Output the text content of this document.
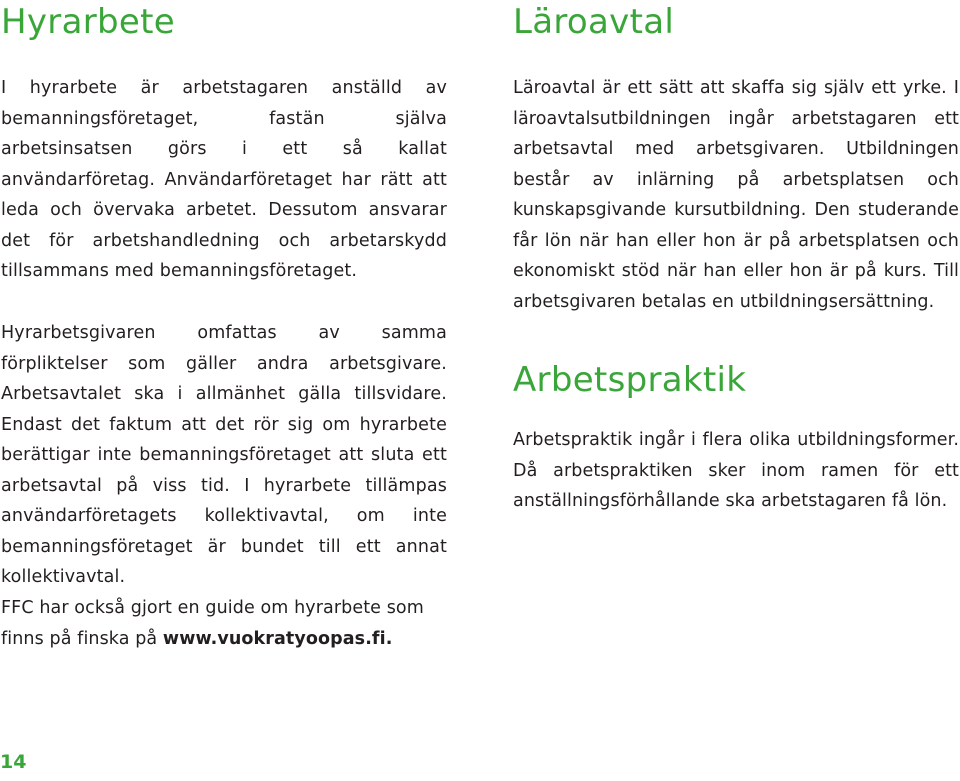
Hyrarbete

I hyrarbete är arbetstagaren anställd av bemanningsföretaget, fastän själva arbetsinsatsen görs i ett så kallat användarföretag. Användarföretaget har rätt att leda och övervaka arbetet. Dessutom ansvarar det för arbetshandledning och arbetarskydd tillsammans med bemanningsföretaget.

Hyrarbetsgivaren omfattas av samma förpliktelser som gäller andra arbetsgivare. Arbetsavtalet ska i allmänhet gälla tillsvidare. Endast det faktum att det rör sig om hyrarbete berättigar inte bemanningsföretaget att sluta ett arbetsavtal på viss tid. I hyrarbete tillämpas användarföretagets kollektivavtal, om inte bemanningsföretaget är bundet till ett annat kollektivavtal.

Läroavtal

Läroavtal är ett sätt att skaffa sig själv ett yrke. I läroavtalsutbildningen ingår arbetstagaren ett arbetsavtal med arbetsgivaren. Utbildningen består av inlärning på arbetsplatsen och kunskapsgivande kursutbildning. Den studerande får lön när han eller hon är på arbetsplatsen och ekonomiskt stöd när han eller hon är på kurs. Till arbetsgivaren betalas en utbildningsersättning.

Arbetspraktik

Arbetspraktik ingår i flera olika utbildningsformer. Då arbetspraktiken sker inom ramen för ett anställningsförhållande ska arbetstagaren få lön.

FFC har också gjort en guide om hyrarbete som finns på finska på www.vuokratyoopas.fi.

14
